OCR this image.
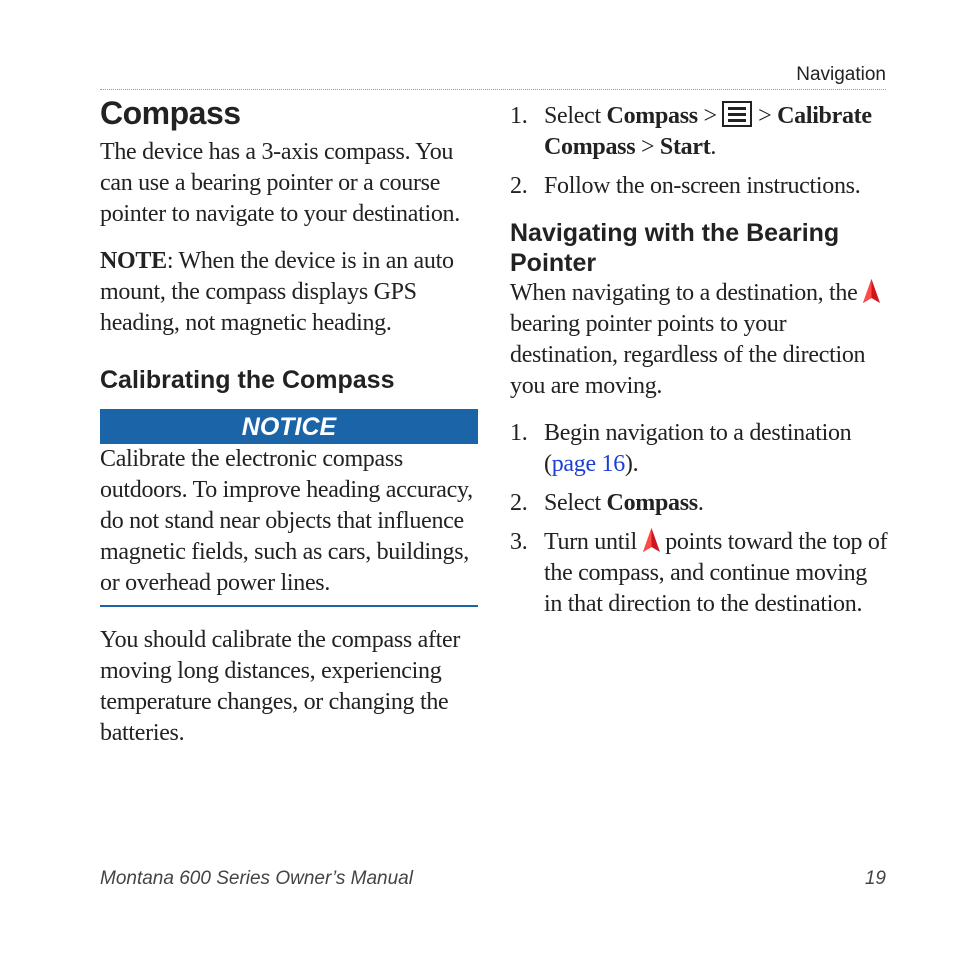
Navigation
Compass

The device has a 3-axis compass. You can use a bearing pointer or a course pointer to navigate to your destination.

NOTE: When the device is in an auto mount, the compass displays GPS heading, not magnetic heading.

Calibrating the Compass
NOTICE

Calibrate the electronic compass outdoors. To improve heading accuracy, do not stand near objects that influence magnetic fields, such as cars, buildings, or overhead power lines.

You should calibrate the compass after moving long distances, experiencing temperature changes, or changing the batteries.

1. Select Compass >
> Calibrate Compass > Start.
2. Follow the on-screen instructions.
Navigating with the Bearing Pointer

When navigating to a destination, the  bearing pointer points to your destination, regardless of the direction you are moving.

1. Begin navigation to a destination (page 16).
2. Select Compass.
3. Turn until  points toward the top of the compass, and continue moving in that direction to the destination.
Montana 600 Series Owner’s Manual	19
